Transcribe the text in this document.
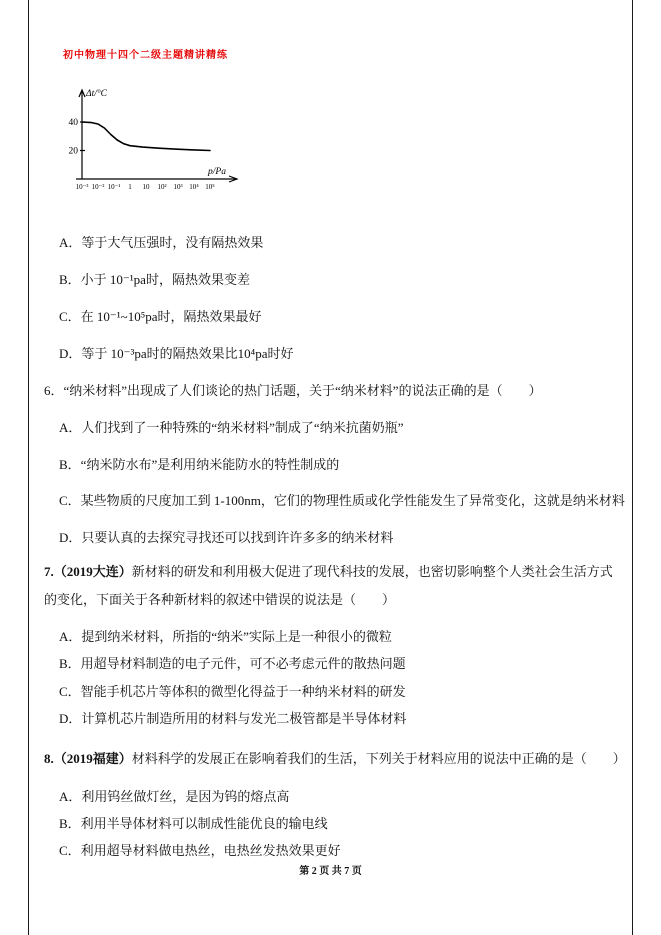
初中物理十四个二级主题精讲精练
Δt/°C
p/Pa
10⁻³ 10⁻² 10⁻¹ 1 10 10² 10³ 10⁴ 10⁵
40
20

A．等于大气压强时，没有隔热效果

B．小于 10⁻¹pa时，隔热效果变差

C．在 10⁻¹~10⁵pa时，隔热效果最好

D．等于 10⁻³pa时的隔热效果比10⁴pa时好

6．“纳米材料”出现成了人们谈论的热门话题，关于“纳米材料”的说法正确的是（　　）

A．人们找到了一种特殊的“纳米材料”制成了“纳米抗菌奶瓶”

B．“纳米防水布”是利用纳米能防水的特性制成的

C．某些物质的尺度加工到 1-100nm，它们的物理性质或化学性能发生了异常变化，这就是纳米材料

D．只要认真的去探究寻找还可以找到许许多多的纳米材料

7.（2019大连）新材料的研发和利用极大促进了现代科技的发展，也密切影响整个人类社会生活方式的变化，下面关于各种新材料的叙述中错误的说法是（　　）

A．提到纳米材料，所指的“纳米”实际上是一种很小的微粒

B．用超导材料制造的电子元件，可不必考虑元件的散热问题

C．智能手机芯片等体积的微型化得益于一种纳米材料的研发

D．计算机芯片制造所用的材料与发光二极管都是半导体材料

8.（2019福建）材料科学的发展正在影响着我们的生活，下列关于材料应用的说法中正确的是（　　）

A．利用钨丝做灯丝，是因为钨的熔点高

B．利用半导体材料可以制成性能优良的输电线

C．利用超导材料做电热丝，电热丝发热效果更好

第 2 页 共 7 页
